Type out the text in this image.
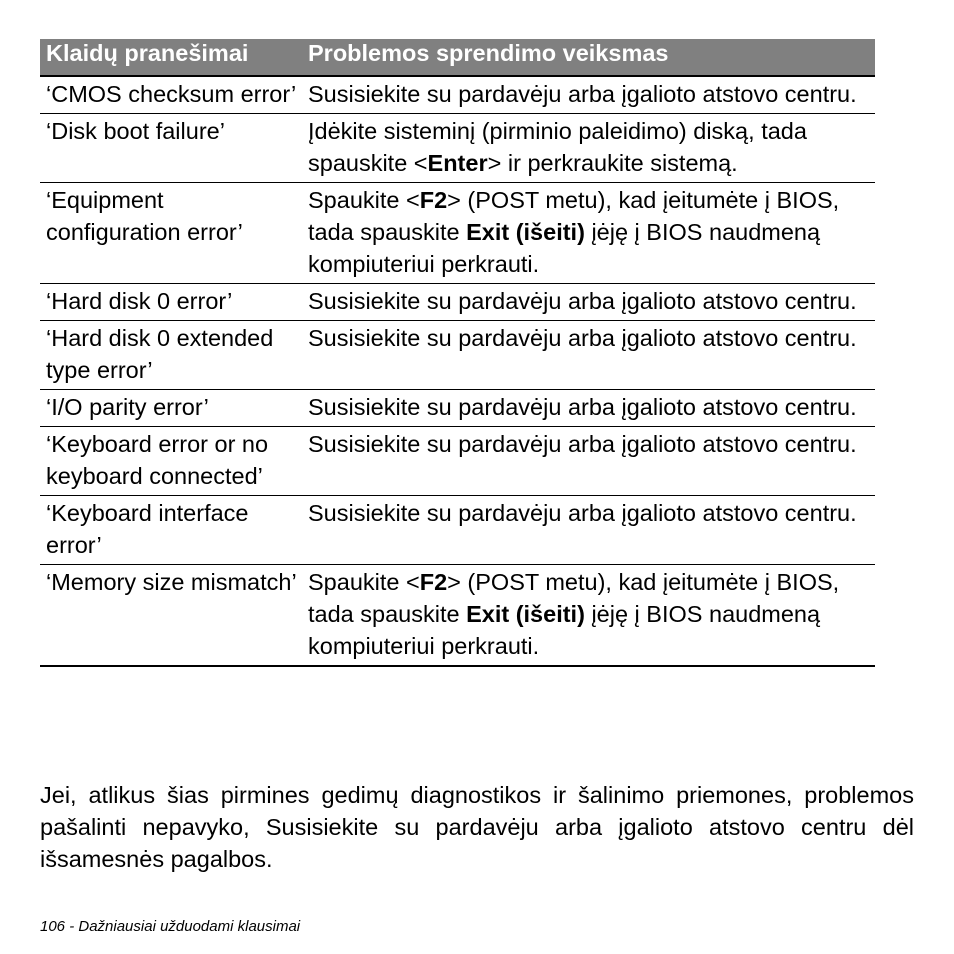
Klaidų pranešimai	Problemos sprendimo veiksmas
‘CMOS checksum error’	Susisiekite su pardavėju arba įgalioto atstovo centru.
‘Disk boot failure’	Įdėkite sisteminį (pirminio paleidimo) diską, tada spauskite <Enter> ir perkraukite sistemą.
‘Equipment configuration error’	Spaukite <F2> (POST metu), kad įeitumėte į BIOS, tada spauskite Exit (išeiti) įėję į BIOS naudmeną kompiuteriui perkrauti.
‘Hard disk 0 error’	Susisiekite su pardavėju arba įgalioto atstovo centru.
‘Hard disk 0 extended type error’	Susisiekite su pardavėju arba įgalioto atstovo centru.
‘I/O parity error’	Susisiekite su pardavėju arba įgalioto atstovo centru.
‘Keyboard error or no keyboard connected’	Susisiekite su pardavėju arba įgalioto atstovo centru.
‘Keyboard interface error’	Susisiekite su pardavėju arba įgalioto atstovo centru.
‘Memory size mismatch’	Spaukite <F2> (POST metu), kad įeitumėte į BIOS, tada spauskite Exit (išeiti) įėję į BIOS naudmeną kompiuteriui perkrauti.

Jei, atlikus šias pirmines gedimų diagnostikos ir šalinimo priemones, problemos pašalinti nepavyko, Susisiekite su pardavėju arba įgalioto atstovo centru dėl išsamesnės pagalbos.

106 - Dažniausiai užduodami klausimai
